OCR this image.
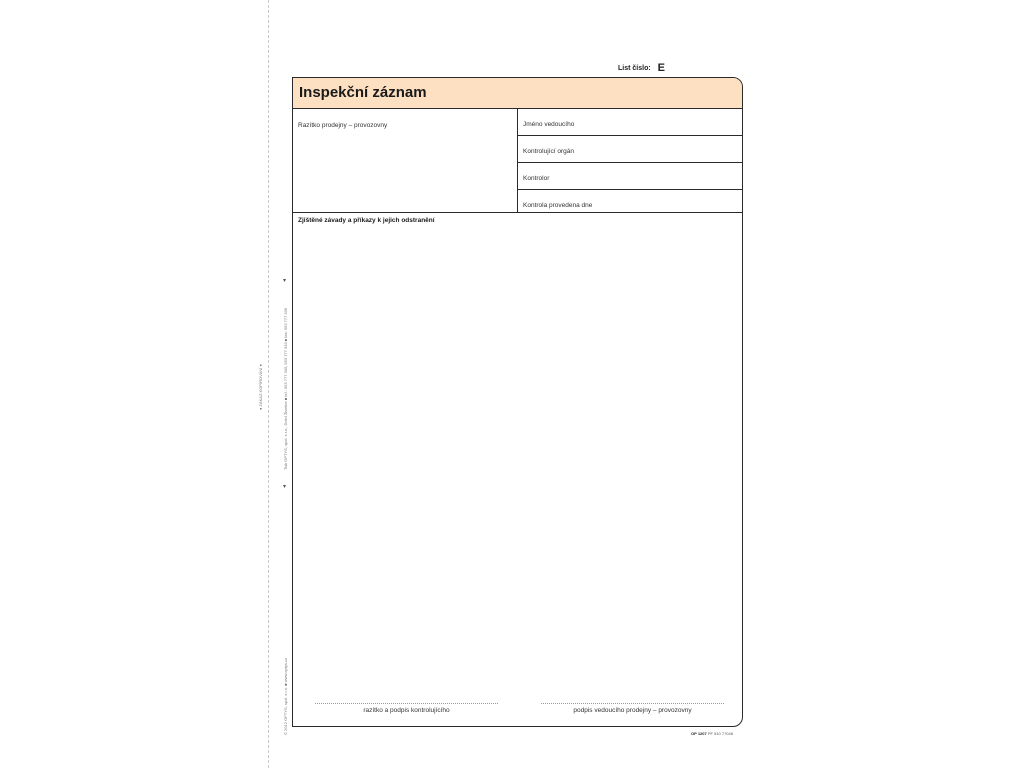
▾
▾
Tisk OPTYS, spol. s r.o., Dolní Životice ■ tel.: 553 777 300, 553 777 333 ■ fax: 553 777 336
© 2012 OPTYS, spol. s r.o. ■ www.optys.cz
● ZÁKAZ KOPÍROVÁNÍ ●
List číslo: E
Inspekční záznam
Razítko prodejny – provozovny	Jméno vedoucího
Kontrolující orgán
Kontrolor
Kontrola provedena dne
Zjištěné závady a příkazy k jejich odstranění
razítko a podpis kontrolujícího	podpis vedoucího prodejny – provozovny
OP 1207 PF 510 77048
